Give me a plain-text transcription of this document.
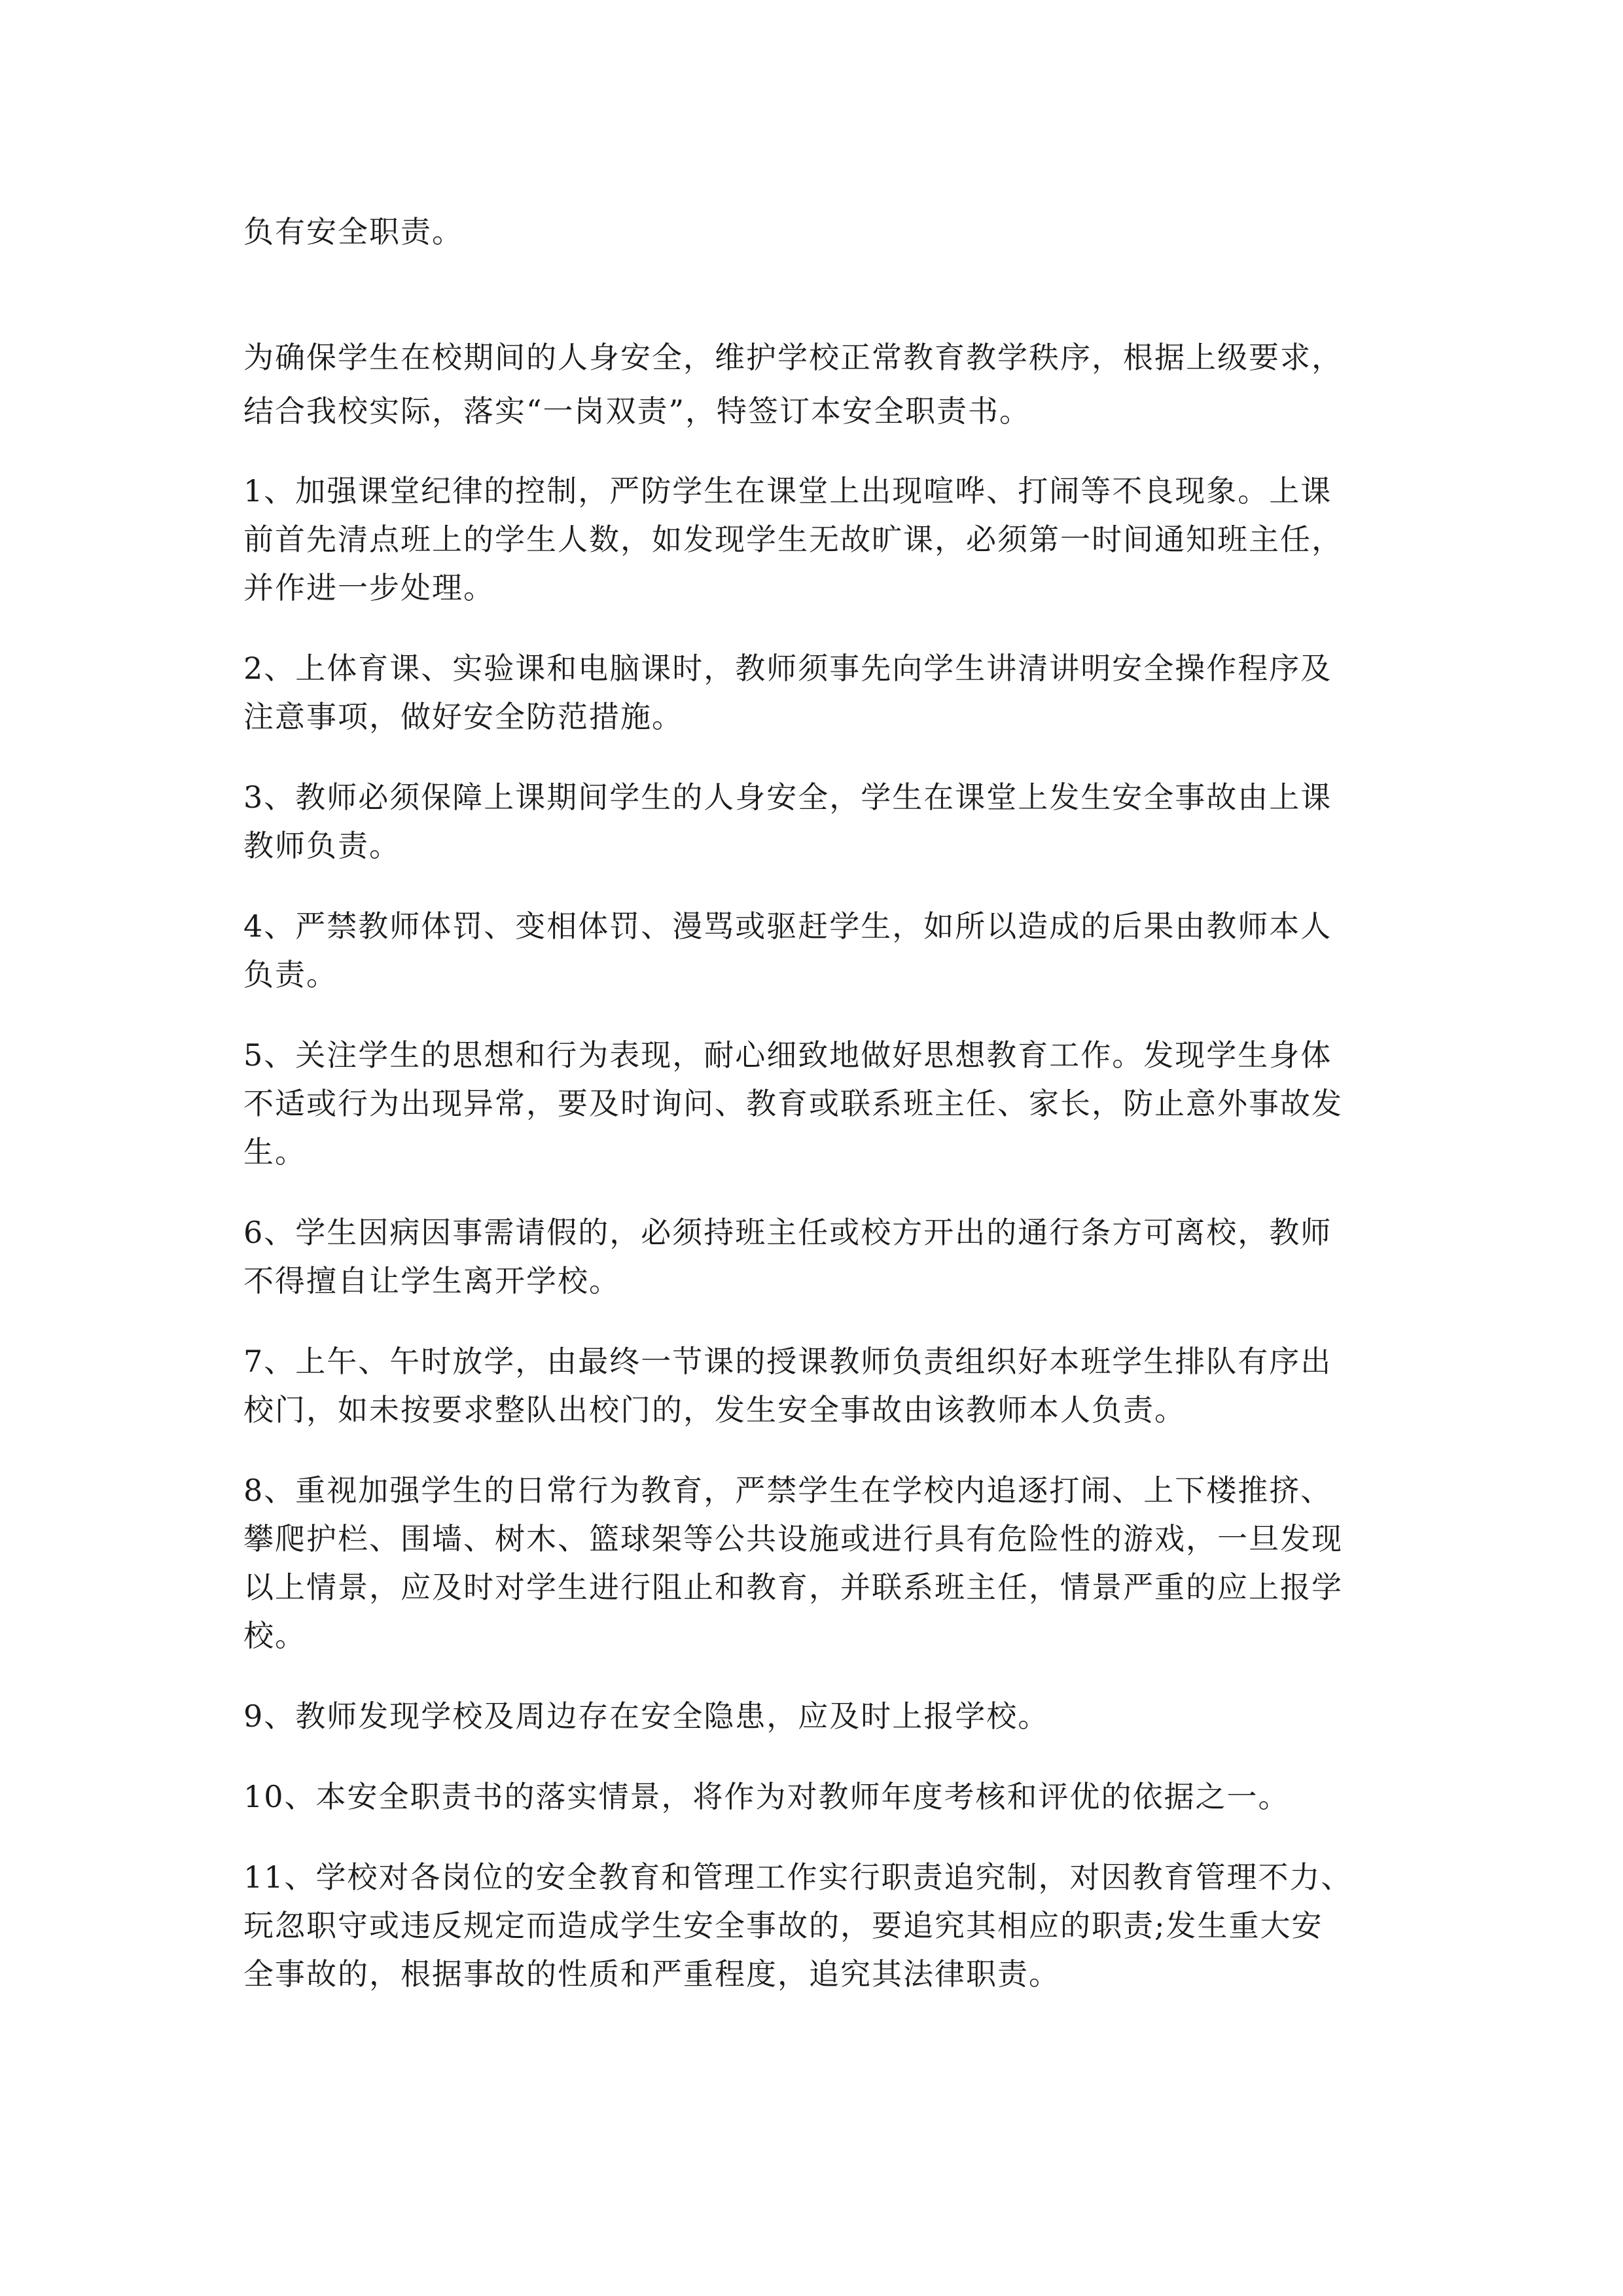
负有安全职责。

为确保学生在校期间的人身安全，维护学校正常教育教学秩序，根据上级要求，

结合我校实际，落实“一岗双责”，特签订本安全职责书。

1、加强课堂纪律的控制，严防学生在课堂上出现喧哗、打闹等不良现象。上课

前首先清点班上的学生人数，如发现学生无故旷课，必须第一时间通知班主任，

并作进一步处理。

2、上体育课、实验课和电脑课时，教师须事先向学生讲清讲明安全操作程序及

注意事项，做好安全防范措施。

3、教师必须保障上课期间学生的人身安全，学生在课堂上发生安全事故由上课

教师负责。

4、严禁教师体罚、变相体罚、漫骂或驱赶学生，如所以造成的后果由教师本人

负责。

5、关注学生的思想和行为表现，耐心细致地做好思想教育工作。发现学生身体

不适或行为出现异常，要及时询问、教育或联系班主任、家长，防止意外事故发

生。

6、学生因病因事需请假的，必须持班主任或校方开出的通行条方可离校，教师

不得擅自让学生离开学校。

7、上午、午时放学，由最终一节课的授课教师负责组织好本班学生排队有序出

校门，如未按要求整队出校门的，发生安全事故由该教师本人负责。

8、重视加强学生的日常行为教育，严禁学生在学校内追逐打闹、上下楼推挤、

攀爬护栏、围墙、树木、篮球架等公共设施或进行具有危险性的游戏，一旦发现

以上情景，应及时对学生进行阻止和教育，并联系班主任，情景严重的应上报学

校。

9、教师发现学校及周边存在安全隐患，应及时上报学校。

10、本安全职责书的落实情景，将作为对教师年度考核和评优的依据之一。

11、学校对各岗位的安全教育和管理工作实行职责追究制，对因教育管理不力、

玩忽职守或违反规定而造成学生安全事故的，要追究其相应的职责;发生重大安

全事故的，根据事故的性质和严重程度，追究其法律职责。
